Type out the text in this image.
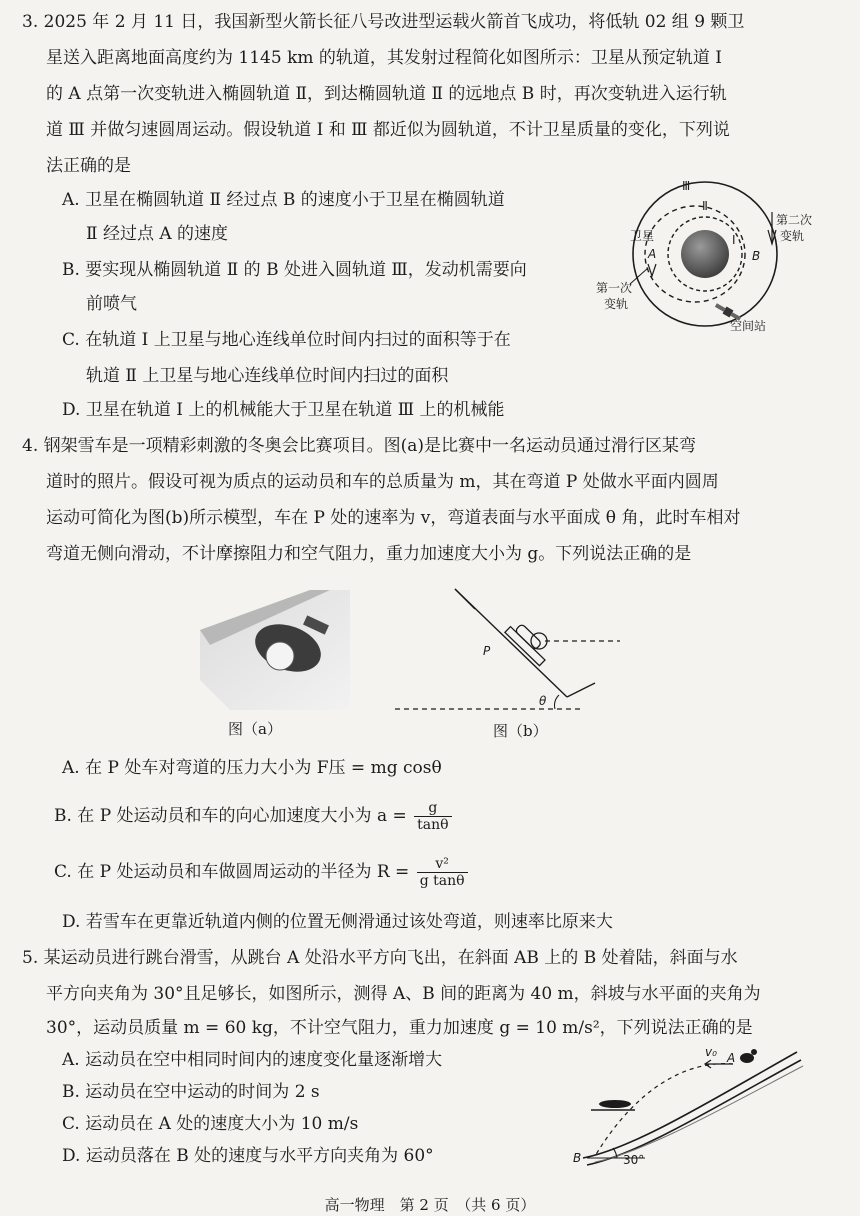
3. 2025 年 2 月 11 日，我国新型火箭长征八号改进型运载火箭首飞成功，将低轨 02 组 9 颗卫
星送入距离地面高度约为 1145 km 的轨道，其发射过程简化如图所示：卫星从预定轨道 Ⅰ
的 A 点第一次变轨进入椭圆轨道 Ⅱ，到达椭圆轨道 Ⅱ 的远地点 B 时，再次变轨进入运行轨
道 Ⅲ 并做匀速圆周运动。假设轨道 Ⅰ 和 Ⅲ 都近似为圆轨道，不计卫星质量的变化，下列说
法正确的是
A. 卫星在椭圆轨道 Ⅱ 经过点 B 的速度小于卫星在椭圆轨道
Ⅱ 经过点 A 的速度
B. 要实现从椭圆轨道 Ⅱ 的 B 处进入圆轨道 Ⅲ，发动机需要向
前喷气
C. 在轨道 Ⅰ 上卫星与地心连线单位时间内扫过的面积等于在
轨道 Ⅱ 上卫星与地心连线单位时间内扫过的面积
D. 卫星在轨道 Ⅰ 上的机械能大于卫星在轨道 Ⅲ 上的机械能
Ⅲ
Ⅱ
Ⅰ
卫星
A	B
第二次
变轨
第一次
变轨
空间站
4. 钢架雪车是一项精彩刺激的冬奥会比赛项目。图(a)是比赛中一名运动员通过滑行区某弯
道时的照片。假设可视为质点的运动员和车的总质量为 m，其在弯道 P 处做水平面内圆周
运动可简化为图(b)所示模型，车在 P 处的速率为 v，弯道表面与水平面成 θ 角，此时车相对
弯道无侧向滑动，不计摩擦阻力和空气阻力，重力加速度大小为 g。下列说法正确的是
图（a）
P
θ
图（b）
A. 在 P 处车对弯道的压力大小为 F压 = mg cosθ
B. 在 P 处运动员和车的向心加速度大小为 $a = \frac{g}{\tan\theta}$
C. 在 P 处运动员和车做圆周运动的半径为 $R = \frac{\text{v²}}{\text{g tanθ}}$
D. 若雪车在更靠近轨道内侧的位置无侧滑通过该处弯道，则速率比原来大
5. 某运动员进行跳台滑雪，从跳台 A 处沿水平方向飞出，在斜面 AB 上的 B 处着陆，斜面与水
平方向夹角为 30°且足够长，如图所示，测得 A、B 间的距离为 40 m，斜坡与水平面的夹角为
30°，运动员质量 m = 60 kg，不计空气阻力，重力加速度 g = 10 m/s²，下列说法正确的是
A. 运动员在空中相同时间内的速度变化量逐渐增大
B. 运动员在空中运动的时间为 2 s
C. 运动员在 A 处的速度大小为 10 m/s
D. 运动员落在 B 处的速度与水平方向夹角为 60°
v₀ A
B	30°
高一物理　第 2 页　（共 6 页）
